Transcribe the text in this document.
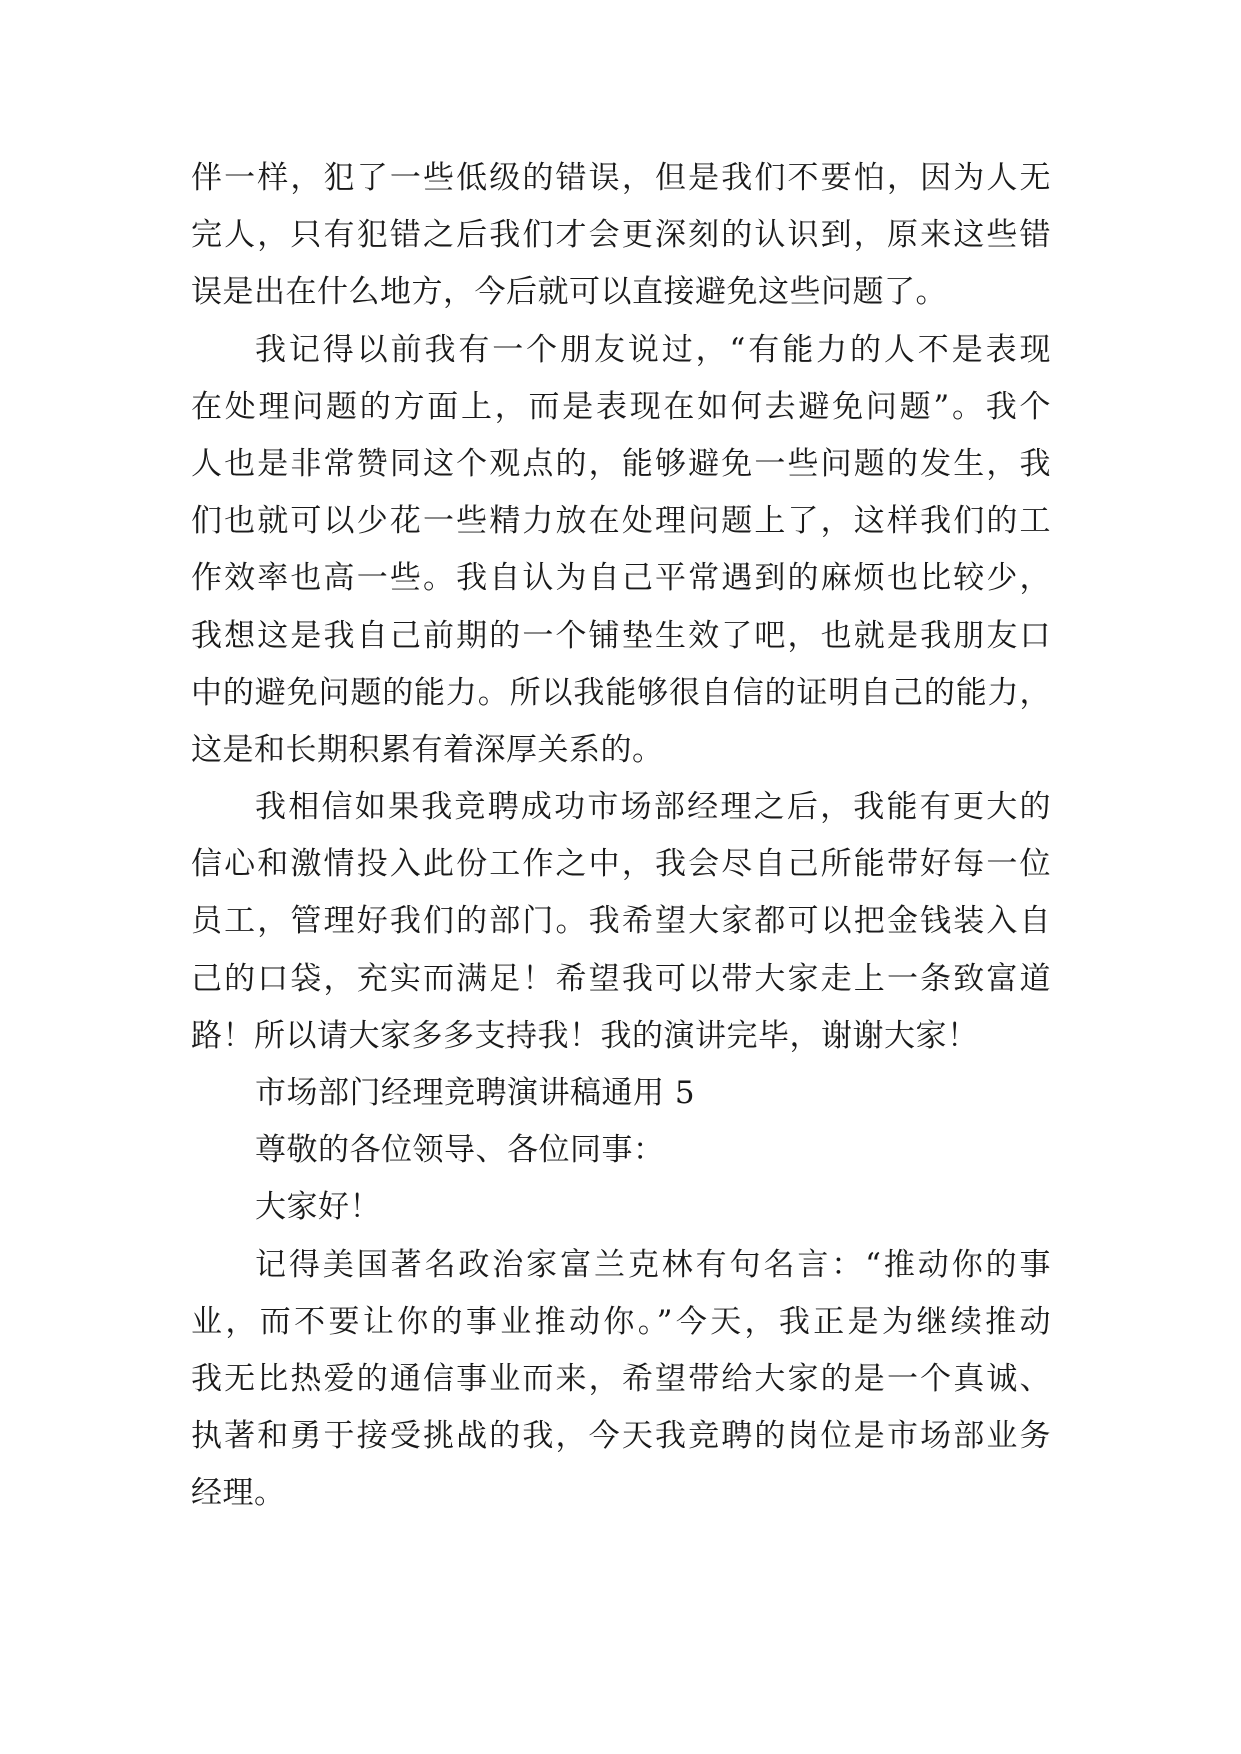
伴一样，犯了一些低级的错误，但是我们不要怕，因为人无
完人，只有犯错之后我们才会更深刻的认识到，原来这些错
误是出在什么地方，今后就可以直接避免这些问题了。
我记得以前我有一个朋友说过，“有能力的人不是表现
在处理问题的方面上，而是表现在如何去避免问题”。我个
人也是非常赞同这个观点的，能够避免一些问题的发生，我
们也就可以少花一些精力放在处理问题上了，这样我们的工
作效率也高一些。我自认为自己平常遇到的麻烦也比较少，
我想这是我自己前期的一个铺垫生效了吧，也就是我朋友口
中的避免问题的能力。所以我能够很自信的证明自己的能力，
这是和长期积累有着深厚关系的。
我相信如果我竞聘成功市场部经理之后，我能有更大的
信心和激情投入此份工作之中，我会尽自己所能带好每一位
员工，管理好我们的部门。我希望大家都可以把金钱装入自
己的口袋，充实而满足！希望我可以带大家走上一条致富道
路！所以请大家多多支持我！我的演讲完毕，谢谢大家！
市场部门经理竞聘演讲稿通用 5
尊敬的各位领导、各位同事：
大家好！
记得美国著名政治家富兰克林有句名言：“推动你的事
业，而不要让你的事业推动你。”今天，我正是为继续推动
我无比热爱的通信事业而来，希望带给大家的是一个真诚、
执著和勇于接受挑战的我，今天我竞聘的岗位是市场部业务
经理。
